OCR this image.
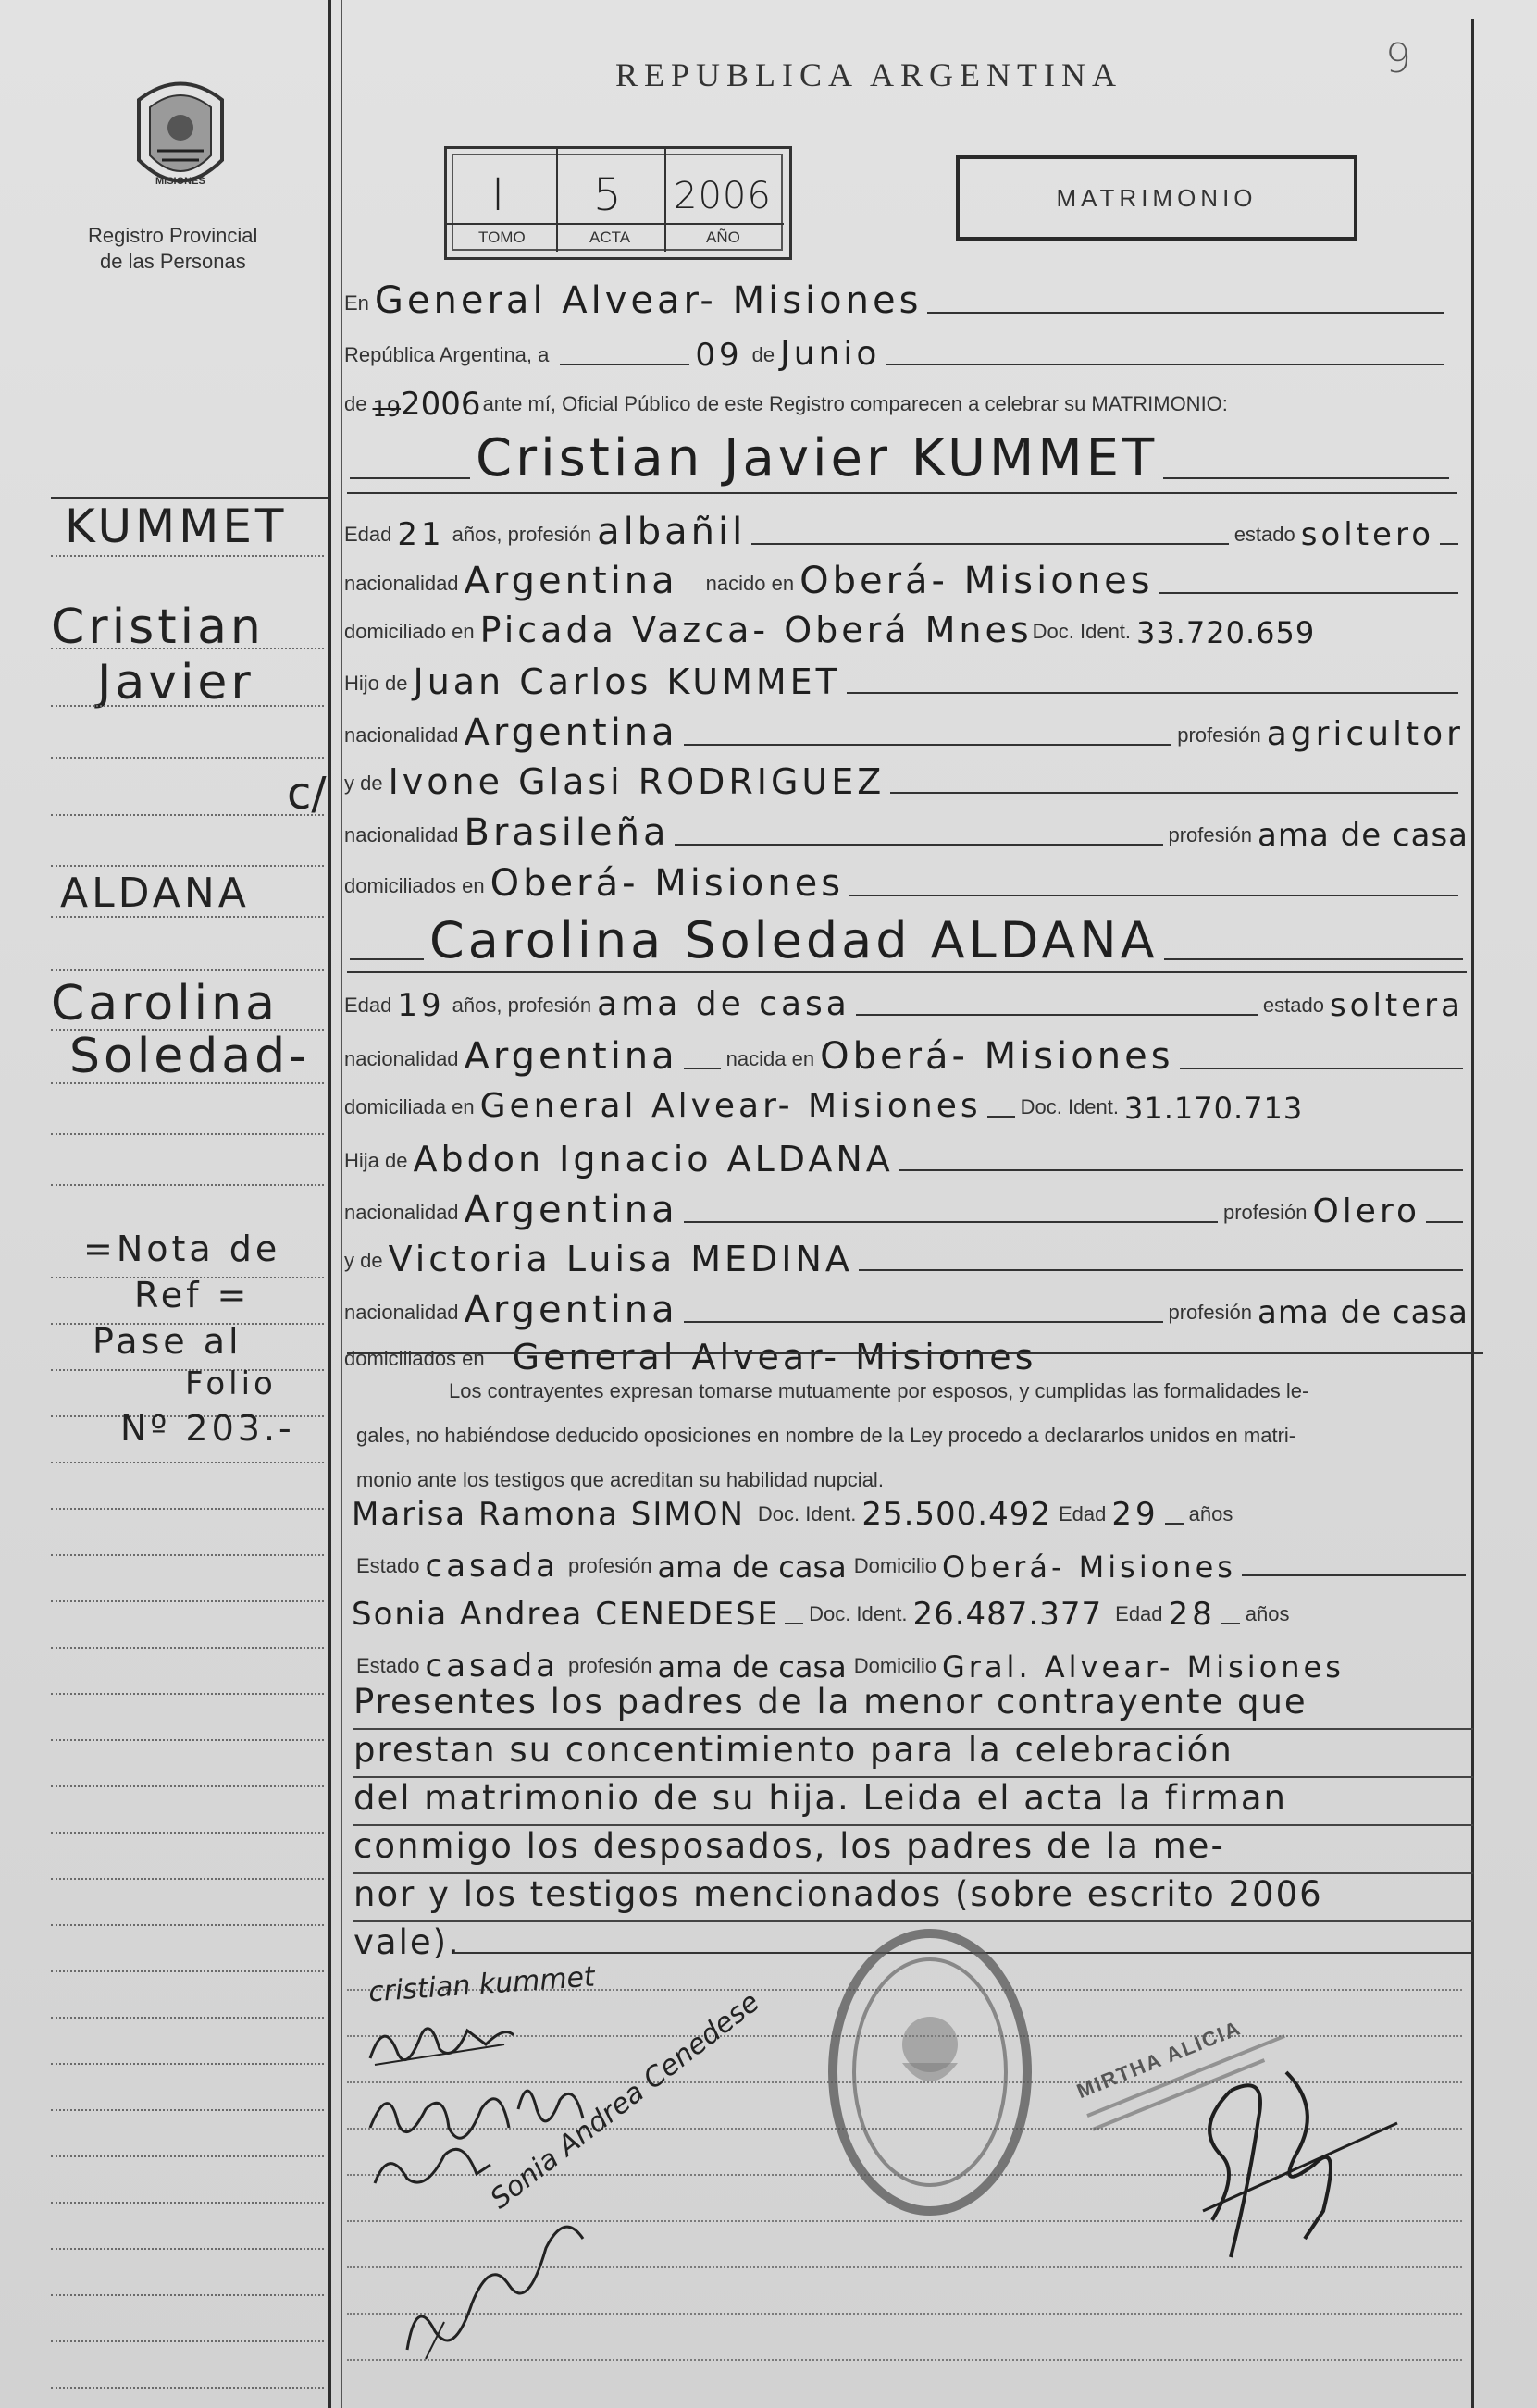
MISIONES
Registro Provincial
de las Personas
REPUBLICA ARGENTINA	9
I 5 2006
TOMO	ACTA	AÑO
MATRIMONIO
En General Alvear- Misiones
República Argentina, a	09 de Junio
de 19 2006 ante mí, Oficial Público de este Registro comparecen a celebrar su MATRIMONIO:
Cristian Javier KUMMET
Edad 21 años, profesión albañil	estado soltero
nacionalidad Argentina nacido en Oberá- Misiones
domiciliado en Picada Vazca- Oberá Mnes Doc. Ident. 33.720.659
Hijo de Juan Carlos KUMMET
nacionalidad Argentina	profesión agricultor
y de Ivone Glasi RODRIGUEZ
nacionalidad Brasileña	profesión ama de casa
domiciliados en Oberá- Misiones
Carolina Soledad ALDANA
Edad 19 años, profesión ama de casa	estado soltera
nacionalidad Argentina nacida en Oberá- Misiones
domiciliada en General Alvear- Misiones Doc. Ident. 31.170.713
Hija de Abdon Ignacio ALDANA
nacionalidad Argentina	profesión Olero
y de Victoria Luisa MEDINA
nacionalidad Argentina	profesión ama de casa
domiciliados en General Alvear- Misiones
Los contrayentes expresan tomarse mutuamente por esposos, y cumplidas las formalidades le-
gales, no habiéndose deducido oposiciones en nombre de la Ley procedo a declararlos unidos en matri-
monio ante los testigos que acreditan su habilidad nupcial.
Marisa Ramona SIMON Doc. Ident. 25.500.492 Edad 29 años
Estado casada profesión ama de casa Domicilio Oberá- Misiones
Sonia Andrea CENEDESE Doc. Ident. 26.487.377 Edad 28 años
Estado casada profesión ama de casa Domicilio Gral. Alvear- Misiones
Presentes los padres de la menor contrayente que
prestan su concentimiento para la celebración
del matrimonio de su hija. Leida el acta la firman
conmigo los desposados, los padres de la me-
nor y los testigos mencionados (sobre escrito 2006
vale).
cristian kummet
Sonia Andrea Cenedese	MIRTHA ALICIA
KUMMET
Cristian
Javier
c/
ALDANA
Carolina
Soledad-
=Nota de
Ref =
Pase al
Folio
Nº 203.-
